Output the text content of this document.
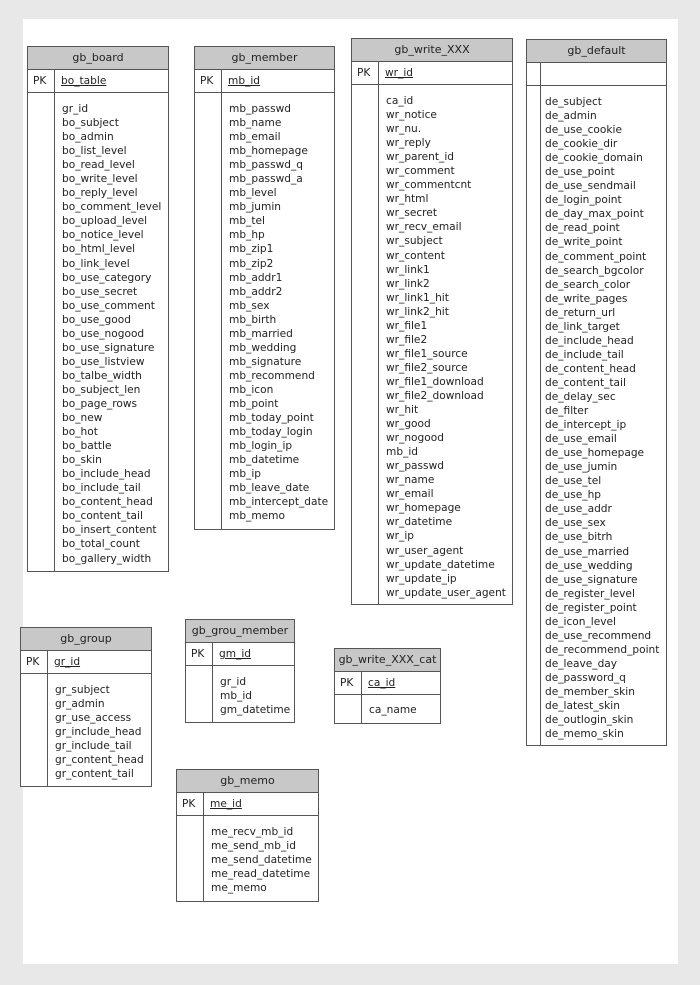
gb_board
PK	bo_table
gr_id
bo_subject
bo_admin
bo_list_level
bo_read_level
bo_write_level
bo_reply_level
bo_comment_level
bo_upload_level
bo_notice_level
bo_html_level
bo_link_level
bo_use_category
bo_use_secret
bo_use_comment
bo_use_good
bo_use_nogood
bo_use_signature
bo_use_listview
bo_talbe_width
bo_subject_len
bo_page_rows
bo_new
bo_hot
bo_battle
bo_skin
bo_include_head
bo_include_tail
bo_content_head
bo_content_tail
bo_insert_content
bo_total_count
bo_gallery_width
gb_member
PK	mb_id
mb_passwd
mb_name
mb_email
mb_homepage
mb_passwd_q
mb_passwd_a
mb_level
mb_jumin
mb_tel
mb_hp
mb_zip1
mb_zip2
mb_addr1
mb_addr2
mb_sex
mb_birth
mb_married
mb_wedding
mb_signature
mb_recommend
mb_icon
mb_point
mb_today_point
mb_today_login
mb_login_ip
mb_datetime
mb_ip
mb_leave_date
mb_intercept_date
mb_memo
gb_write_XXX
PK	wr_id
ca_id
wr_notice
wr_nu.
wr_reply
wr_parent_id
wr_comment
wr_commentcnt
wr_html
wr_secret
wr_recv_email
wr_subject
wr_content
wr_link1
wr_link2
wr_link1_hit
wr_link2_hit
wr_file1
wr_file2
wr_file1_source
wr_file2_source
wr_file1_download
wr_file2_download
wr_hit
wr_good
wr_nogood
mb_id
wr_passwd
wr_name
wr_email
wr_homepage
wr_datetime
wr_ip
wr_user_agent
wr_update_datetime
wr_update_ip
wr_update_user_agent
gb_default
de_subject
de_admin
de_use_cookie
de_cookie_dir
de_cookie_domain
de_use_point
de_use_sendmail
de_login_point
de_day_max_point
de_read_point
de_write_point
de_comment_point
de_search_bgcolor
de_search_color
de_write_pages
de_return_url
de_link_target
de_include_head
de_include_tail
de_content_head
de_content_tail
de_delay_sec
de_filter
de_intercept_ip
de_use_email
de_use_homepage
de_use_jumin
de_use_tel
de_use_hp
de_use_addr
de_use_sex
de_use_bitrh
de_use_married
de_use_wedding
de_use_signature
de_register_level
de_register_point
de_icon_level
de_use_recommend
de_recommend_point
de_leave_day
de_password_q
de_member_skin
de_latest_skin
de_outlogin_skin
de_memo_skin
gb_group
PK	gr_id
gr_subject
gr_admin
gr_use_access
gr_include_head
gr_include_tail
gr_content_head
gr_content_tail
gb_grou_member
PK	gm_id
gr_id
mb_id
gm_datetime
gb_write_XXX_cat
PK	ca_id
ca_name
gb_memo
PK	me_id
me_recv_mb_id
me_send_mb_id
me_send_datetime
me_read_datetime
me_memo
